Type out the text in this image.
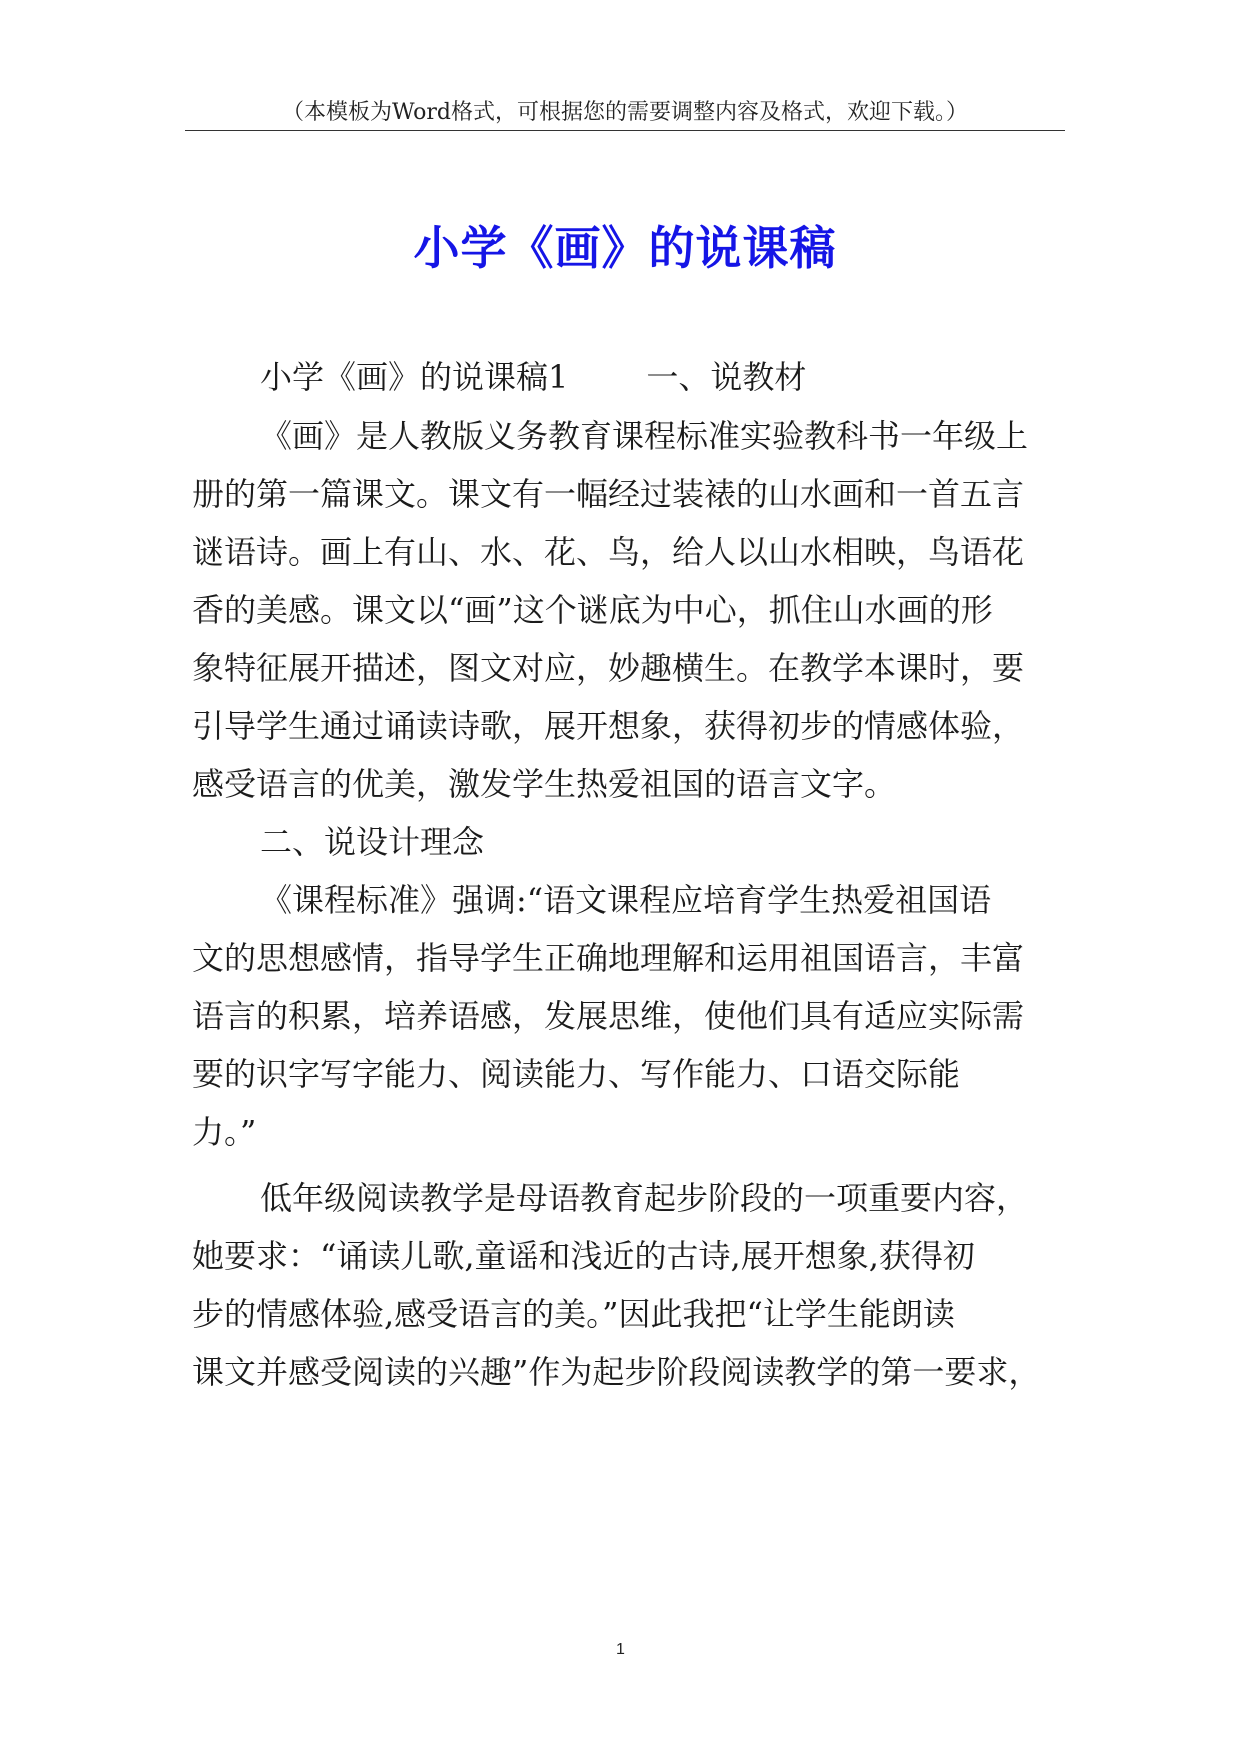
（本模板为Word格式，可根据您的需要调整内容及格式，欢迎下载。）
小学《画》的说课稿
小学《画》的说课稿1 一、说教材
《画》是人教版义务教育课程标准实验教科书一年级上
册的第一篇课文。课文有一幅经过装裱的山水画和一首五言
谜语诗。画上有山、水、花、鸟，给人以山水相映，鸟语花
香的美感。课文以“画”这个谜底为中心，抓住山水画的形
象特征展开描述，图文对应，妙趣横生。在教学本课时，要
引导学生通过诵读诗歌，展开想象，获得初步的情感体验，
感受语言的优美，激发学生热爱祖国的语言文字。
二、说设计理念
《课程标准》强调:“语文课程应培育学生热爱祖国语
文的思想感情，指导学生正确地理解和运用祖国语言，丰富
语言的积累，培养语感，发展思维，使他们具有适应实际需
要的识字写字能力、阅读能力、写作能力、口语交际能
力。”
低年级阅读教学是母语教育起步阶段的一项重要内容，
她要求：“诵读儿歌,童谣和浅近的古诗,展开想象,获得初
步的情感体验,感受语言的美。”因此我把“让学生能朗读
课文并感受阅读的兴趣”作为起步阶段阅读教学的第一要求，
1
